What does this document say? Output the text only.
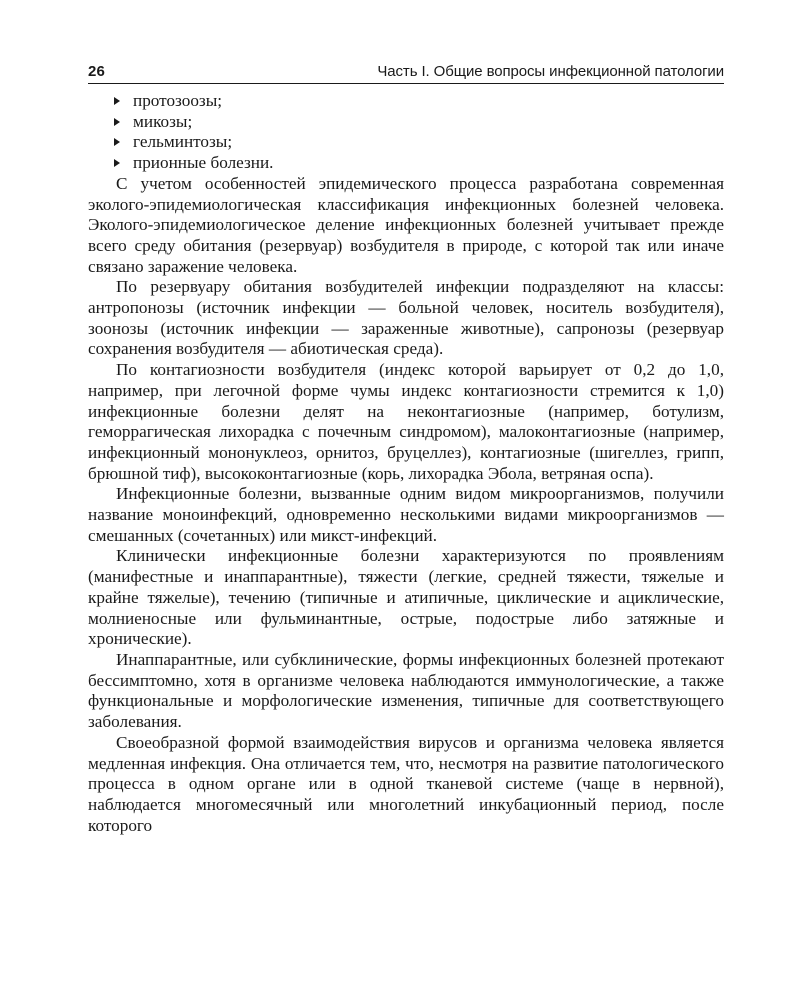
26	Часть I. Общие вопросы инфекционной патологии
протозоозы;
микозы;
гельминтозы;
прионные болезни.

С учетом особенностей эпидемического процесса разработана современная эколого-эпидемиологическая классификация инфекционных болезней человека. Эколого-эпидемиологическое деление инфекционных болезней учитывает прежде всего среду обитания (резервуар) возбудителя в природе, с которой так или иначе связано заражение человека.

По резервуару обитания возбудителей инфекции подразделяют на классы: антропонозы (источник инфекции — больной человек, носитель возбудителя), зоонозы (источник инфекции — зараженные животные), сапронозы (резервуар сохранения возбудителя — абиотическая среда).

По контагиозности возбудителя (индекс которой варьирует от 0,2 до 1,0, например, при легочной форме чумы индекс контагиозности стремится к 1,0) инфекционные болезни делят на неконтагиозные (например, ботулизм, геморрагическая лихорадка с почечным синдромом), малоконтагиозные (например, инфекционный мононуклеоз, орнитоз, бруцеллез), контагиозные (шигеллез, грипп, брюшной тиф), высококонтагиозные (корь, лихорадка Эбола, ветряная оспа).

Инфекционные болезни, вызванные одним видом микроорганизмов, получили название моноинфекций, одновременно несколькими видами микроорганизмов — смешанных (сочетанных) или микст-инфекций.

Клинически инфекционные болезни характеризуются по проявлениям (манифестные и инаппарантные), тяжести (легкие, средней тяжести, тяжелые и крайне тяжелые), течению (типичные и атипичные, циклические и ациклические, молниеносные или фульминантные, острые, подострые либо затяжные и хронические).

Инаппарантные, или субклинические, формы инфекционных болезней протекают бессимптомно, хотя в организме человека наблюдаются иммунологические, а также функциональные и морфологические изменения, типичные для соответствующего заболевания.

Своеобразной формой взаимодействия вирусов и организма человека является медленная инфекция. Она отличается тем, что, несмотря на развитие патологического процесса в одном органе или в одной тканевой системе (чаще в нервной), наблюдается многомесячный или многолетний инкубационный период, после которого
